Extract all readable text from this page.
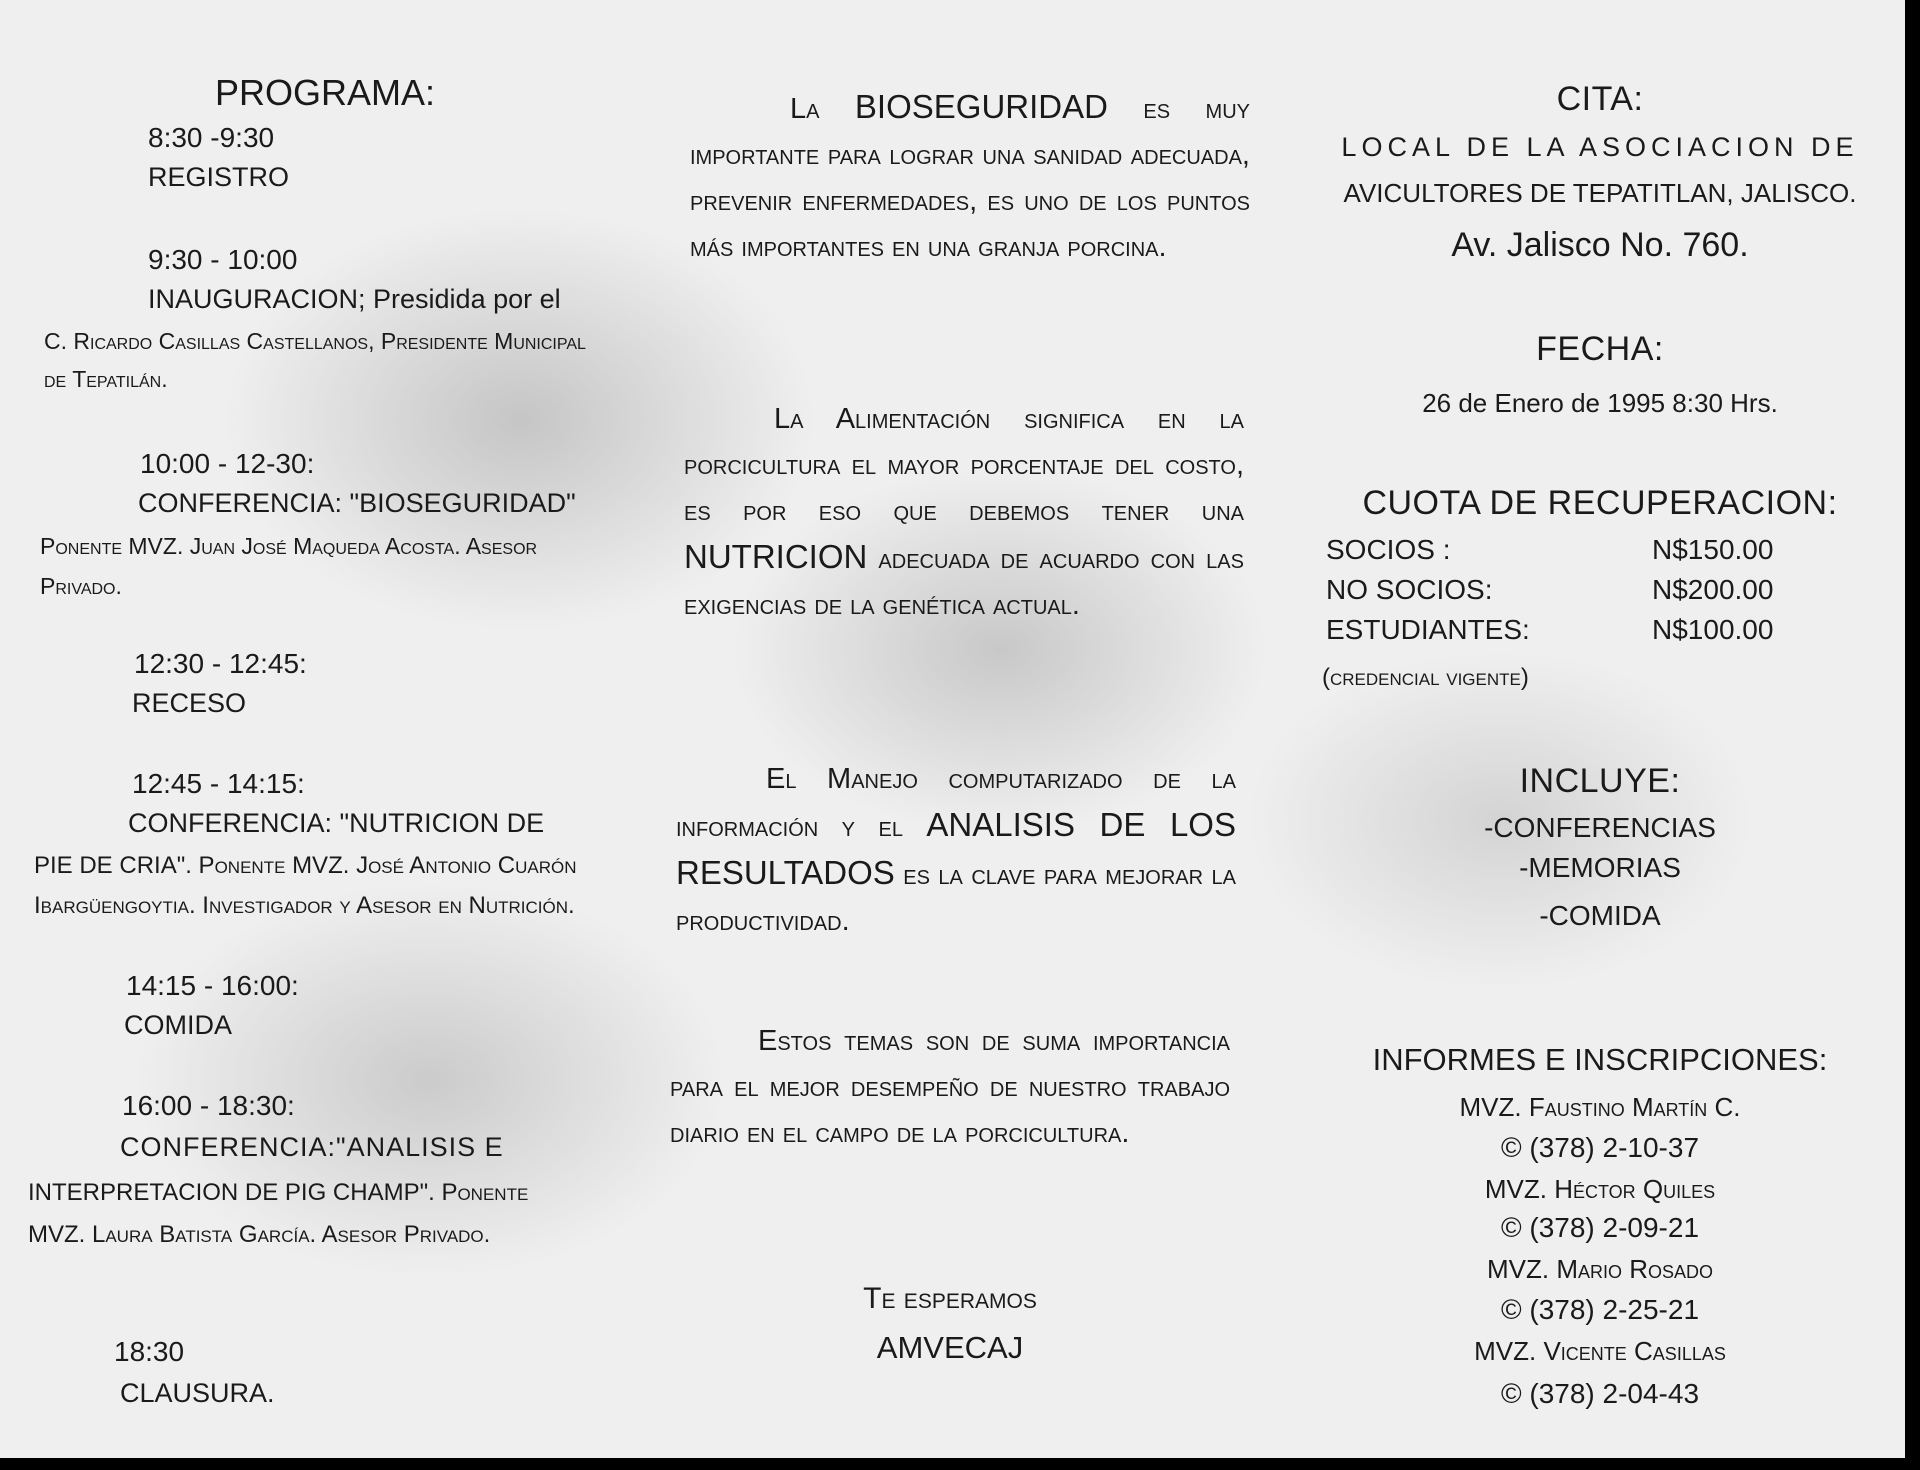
PROGRAMA:
8:30 -9:30
REGISTRO
9:30 - 10:00
INAUGURACION; Presidida por el
C. Ricardo Casillas Castellanos, Presidente Municipal de Tepatilán.
10:00 - 12-30:
CONFERENCIA: "BIOSEGURIDAD"
Ponente MVZ. Juan José Maqueda Acosta. Asesor Privado.
12:30 - 12:45:
RECESO
12:45 - 14:15:
CONFERENCIA: "NUTRICION DE
PIE DE CRIA". Ponente MVZ. José Antonio Cuarón Ibargüengoytia. Investigador y Asesor en Nutrición.
14:15 - 16:00:
COMIDA
16:00 - 18:30:
CONFERENCIA:"ANALISIS E
INTERPRETACION DE PIG CHAMP". Ponente MVZ. Laura Batista García. Asesor Privado.
18:30
CLAUSURA.
La BIOSEGURIDAD es muy importante para lograr una sanidad adecuada, prevenir enfermedades, es uno de los puntos más importantes en una granja porcina.
La Alimentación significa en la porcicultura el mayor porcentaje del costo, es por eso que debemos tener una NUTRICION adecuada de acuardo con las exigencias de la genética actual.
El Manejo computarizado de la información y el ANALISIS DE LOS RESULTADOS es la clave para mejorar la productividad.
Estos temas son de suma importancia para el mejor desempeño de nuestro trabajo diario en el campo de la porcicultura.
Te esperamos
AMVECAJ
CITA:
LOCAL DE LA ASOCIACION DE
AVICULTORES DE TEPATITLAN, JALISCO.
Av. Jalisco No. 760.
FECHA:
26 de Enero de 1995 8:30 Hrs.
CUOTA DE RECUPERACION:
SOCIOS :	N$150.00
NO SOCIOS:	N$200.00
ESTUDIANTES:	N$100.00
(credencial vigente)
INCLUYE:
-CONFERENCIAS
-MEMORIAS
-COMIDA
INFORMES E INSCRIPCIONES:
MVZ. Faustino Martín C.
© (378) 2-10-37
MVZ. Héctor Quiles
© (378) 2-09-21
MVZ. Mario Rosado
© (378) 2-25-21
MVZ. Vicente Casillas
© (378) 2-04-43
